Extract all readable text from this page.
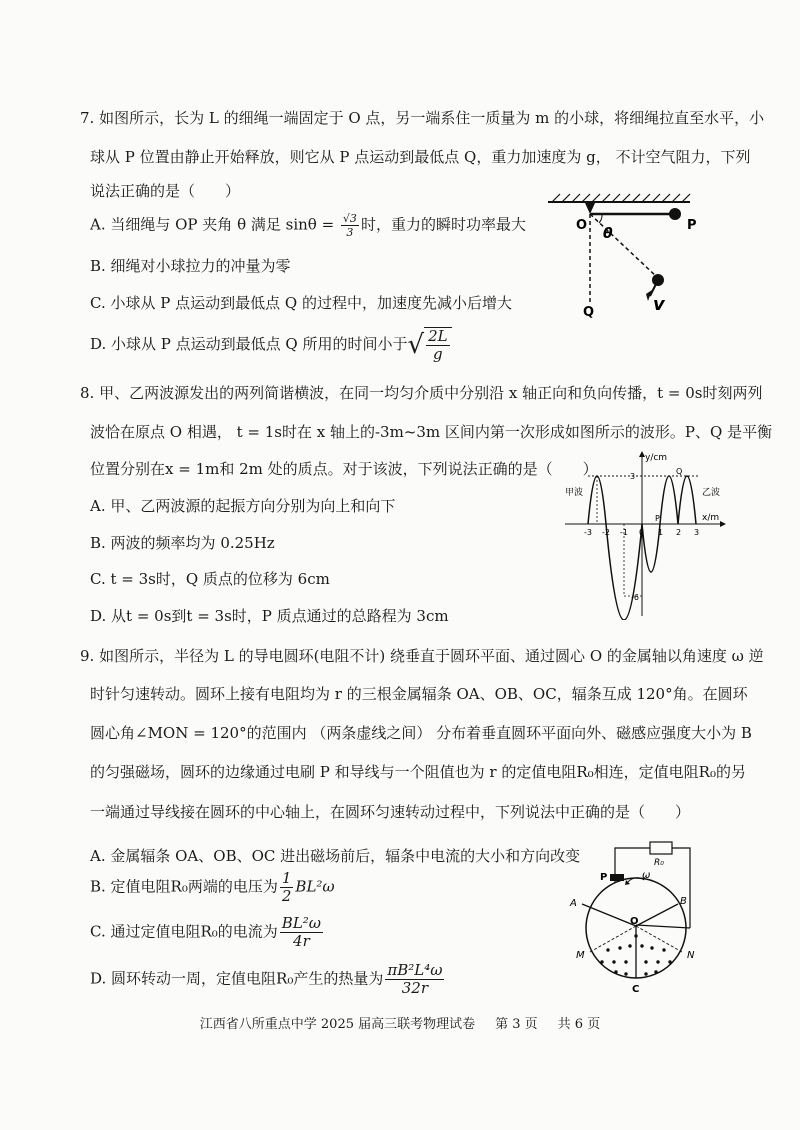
7. 如图所示，长为 L 的细绳一端固定于 O 点，另一端系住一质量为 m 的小球，将细绳拉直至水平，小
球从 P 位置由静止开始释放，则它从 P 点运动到最低点 Q，重力加速度为 g， 不计空气阻力，下列
说法正确的是（　　）
A. 当细绳与 OP 夹角 θ 满足 $\sin\theta = \frac{√3}{3}$ 时，重力的瞬时功率最大
B. 细绳对小球拉力的冲量为零
C. 小球从 P 点运动到最低点 Q 的过程中，加速度先减小后增大
D. 小球从 P 点运动到最低点 Q 所用的时间小于√ $\frac{2L}{g}$
O	P
Q
θ
v
8. 甲、乙两波源发出的两列简谐横波，在同一均匀介质中分别沿 x 轴正向和负向传播，t = 0s时刻两列
波恰在原点 O 相遇， t = 1s时在 x 轴上的-3m~3m 区间内第一次形成如图所示的波形。P、Q 是平衡
位置分别在x = 1m和 2m 处的质点。对于该波，下列说法正确的是（　　）
A. 甲、乙两波源的起振方向分别为向上和向下
B. 两波的频率均为 0.25Hz
C. t = 3s时，Q 质点的位移为 6cm
D. 从t = 0s到t = 3s时，P 质点通过的总路程为 3cm
y/cm
x/m
3
-6
甲波	乙波
-3 -2 -1 0 1 2 3
P
Q
9. 如图所示，半径为 L 的导电圆环(电阻不计) 绕垂直于圆环平面、通过圆心 O 的金属轴以角速度 ω 逆
时针匀速转动。圆环上接有电阻均为 r 的三根金属辐条 OA、OB、OC，辐条互成 120°角。在圆环
圆心角∠MON = 120°的范围内 （两条虚线之间） 分布着垂直圆环平面向外、磁感应强度大小为 B
的匀强磁场，圆环的边缘通过电刷 P 和导线与一个阻值也为 r 的定值电阻R₀相连，定值电阻R₀的另
一端通过导线接在圆环的中心轴上，在圆环匀速转动过程中，下列说法中正确的是（　　）
A. 金属辐条 OA、OB、OC 进出磁场前后，辐条中电流的大小和方向改变
B. 定值电阻R₀两端的电压为 $\frac{1}{2} BL^2\omega$
C. 通过定值电阻R₀的电流为 $\frac{\text{BL²ω}}{4r}$
D. 圆环转动一周，定值电阻R₀产生的热量为 $\frac{\text{πB²L⁴ω}}{32r}$
R₀
P	ω
A	B
O
M	N
C
江西省八所重点中学 2025 届高三联考物理试卷 第 3 页 共 6 页
